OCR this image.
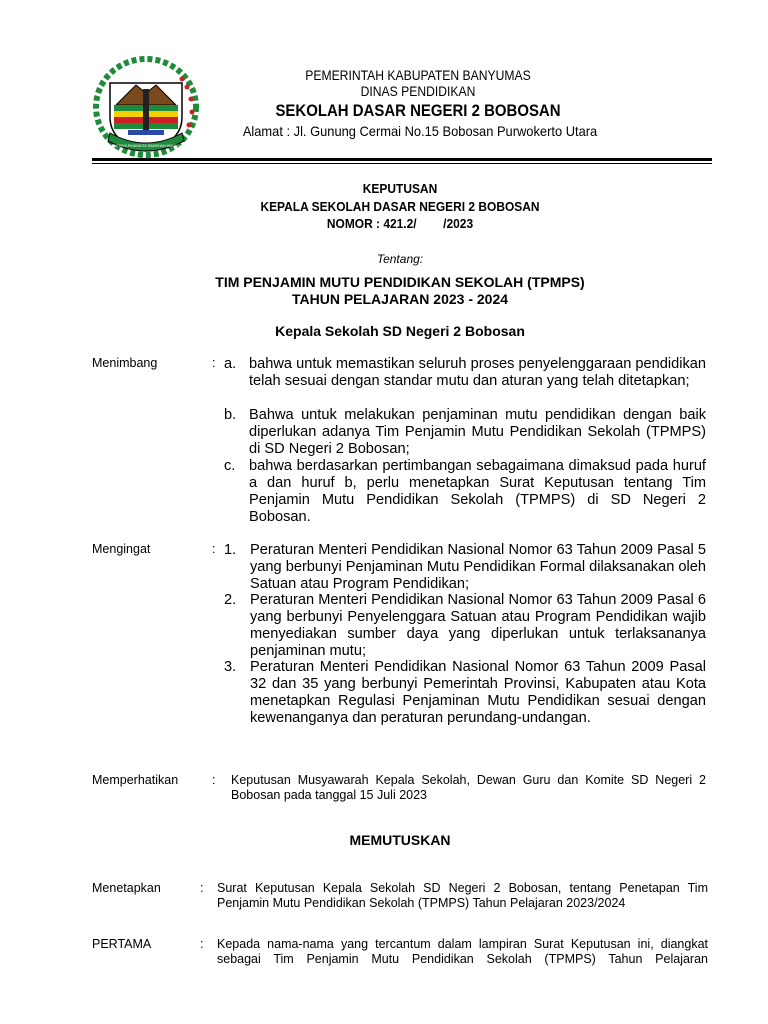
SATRIYA PINANDITA SINISIHAN WAHYU
PEMERINTAH KABUPATEN BANYUMAS
DINAS PENDIDIKAN
SEKOLAH DASAR NEGERI 2 BOBOSAN
Alamat : Jl. Gunung Cermai No.15 Bobosan Purwokerto Utara
KEPUTUSAN
KEPALA SEKOLAH DASAR NEGERI 2 BOBOSAN
NOMOR : 421.2/        /2023
Tentang:
TIM PENJAMIN MUTU PENDIDIKAN SEKOLAH (TPMPS)
TAHUN PELAJARAN 2023 - 2024
Kepala Sekolah SD Negeri 2 Bobosan
Menimbang	: a. bahwa untuk memastikan seluruh proses penyelenggaraan pendidikan telah sesuai dengan standar mutu dan aturan yang telah ditetapkan;
b. Bahwa untuk melakukan penjaminan mutu pendidikan dengan baik diperlukan adanya Tim Penjamin Mutu Pendidikan Sekolah (TPMPS) di SD Negeri 2 Bobosan;
c. bahwa berdasarkan pertimbangan sebagaimana dimaksud pada huruf a dan huruf b, perlu menetapkan Surat Keputusan tentang Tim Penjamin Mutu Pendidikan Sekolah (TPMPS) di SD Negeri 2 Bobosan.
Mengingat	: 1. Peraturan Menteri Pendidikan Nasional Nomor 63 Tahun 2009 Pasal 5 yang berbunyi Penjaminan Mutu Pendidikan Formal dilaksanakan oleh Satuan atau Program Pendidikan;
2. Peraturan Menteri Pendidikan Nasional Nomor 63 Tahun 2009 Pasal 6 yang berbunyi Penyelenggara Satuan atau Program Pendidikan wajib menyediakan sumber daya yang diperlukan untuk terlaksananya penjaminan mutu;
3. Peraturan Menteri Pendidikan Nasional Nomor 63 Tahun 2009 Pasal 32 dan 35 yang berbunyi Pemerintah Provinsi, Kabupaten atau Kota menetapkan Regulasi Penjaminan Mutu Pendidikan sesuai dengan kewenanganya dan peraturan perundang-undangan.
Memperhatikan	: Keputusan Musyawarah Kepala Sekolah, Dewan Guru dan Komite SD Negeri 2 Bobosan pada tanggal 15 Juli 2023
MEMUTUSKAN
Menetapkan	: Surat Keputusan Kepala Sekolah SD Negeri 2 Bobosan, tentang Penetapan Tim Penjamin Mutu Pendidikan Sekolah (TPMPS) Tahun Pelajaran 2023/2024
PERTAMA	: Kepada nama-nama yang tercantum dalam lampiran Surat Keputusan ini, diangkat sebagai Tim Penjamin Mutu Pendidikan Sekolah (TPMPS) Tahun Pelajaran
